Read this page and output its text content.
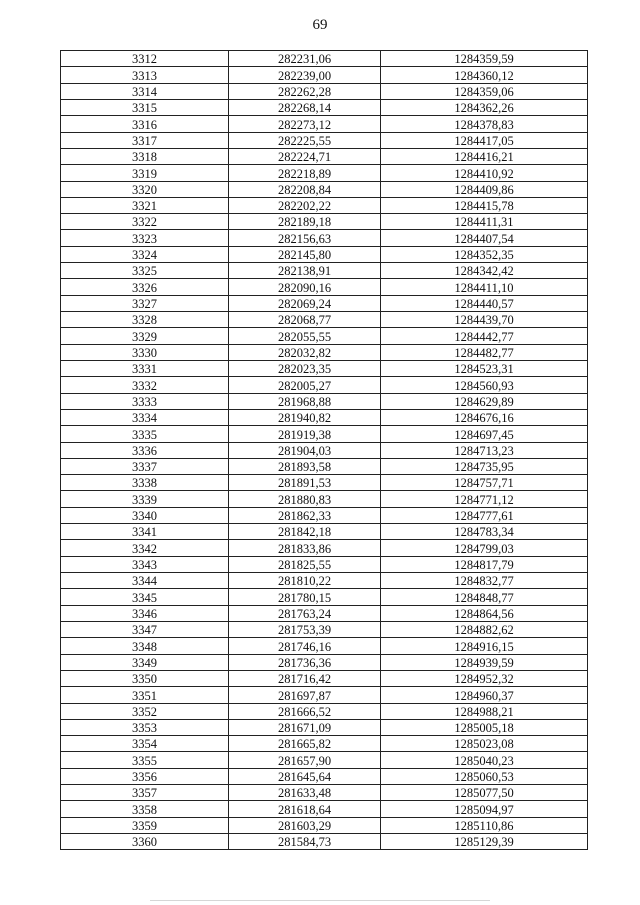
69
3312	282231,06	1284359,59
3313	282239,00	1284360,12
3314	282262,28	1284359,06
3315	282268,14	1284362,26
3316	282273,12	1284378,83
3317	282225,55	1284417,05
3318	282224,71	1284416,21
3319	282218,89	1284410,92
3320	282208,84	1284409,86
3321	282202,22	1284415,78
3322	282189,18	1284411,31
3323	282156,63	1284407,54
3324	282145,80	1284352,35
3325	282138,91	1284342,42
3326	282090,16	1284411,10
3327	282069,24	1284440,57
3328	282068,77	1284439,70
3329	282055,55	1284442,77
3330	282032,82	1284482,77
3331	282023,35	1284523,31
3332	282005,27	1284560,93
3333	281968,88	1284629,89
3334	281940,82	1284676,16
3335	281919,38	1284697,45
3336	281904,03	1284713,23
3337	281893,58	1284735,95
3338	281891,53	1284757,71
3339	281880,83	1284771,12
3340	281862,33	1284777,61
3341	281842,18	1284783,34
3342	281833,86	1284799,03
3343	281825,55	1284817,79
3344	281810,22	1284832,77
3345	281780,15	1284848,77
3346	281763,24	1284864,56
3347	281753,39	1284882,62
3348	281746,16	1284916,15
3349	281736,36	1284939,59
3350	281716,42	1284952,32
3351	281697,87	1284960,37
3352	281666,52	1284988,21
3353	281671,09	1285005,18
3354	281665,82	1285023,08
3355	281657,90	1285040,23
3356	281645,64	1285060,53
3357	281633,48	1285077,50
3358	281618,64	1285094,97
3359	281603,29	1285110,86
3360	281584,73	1285129,39
